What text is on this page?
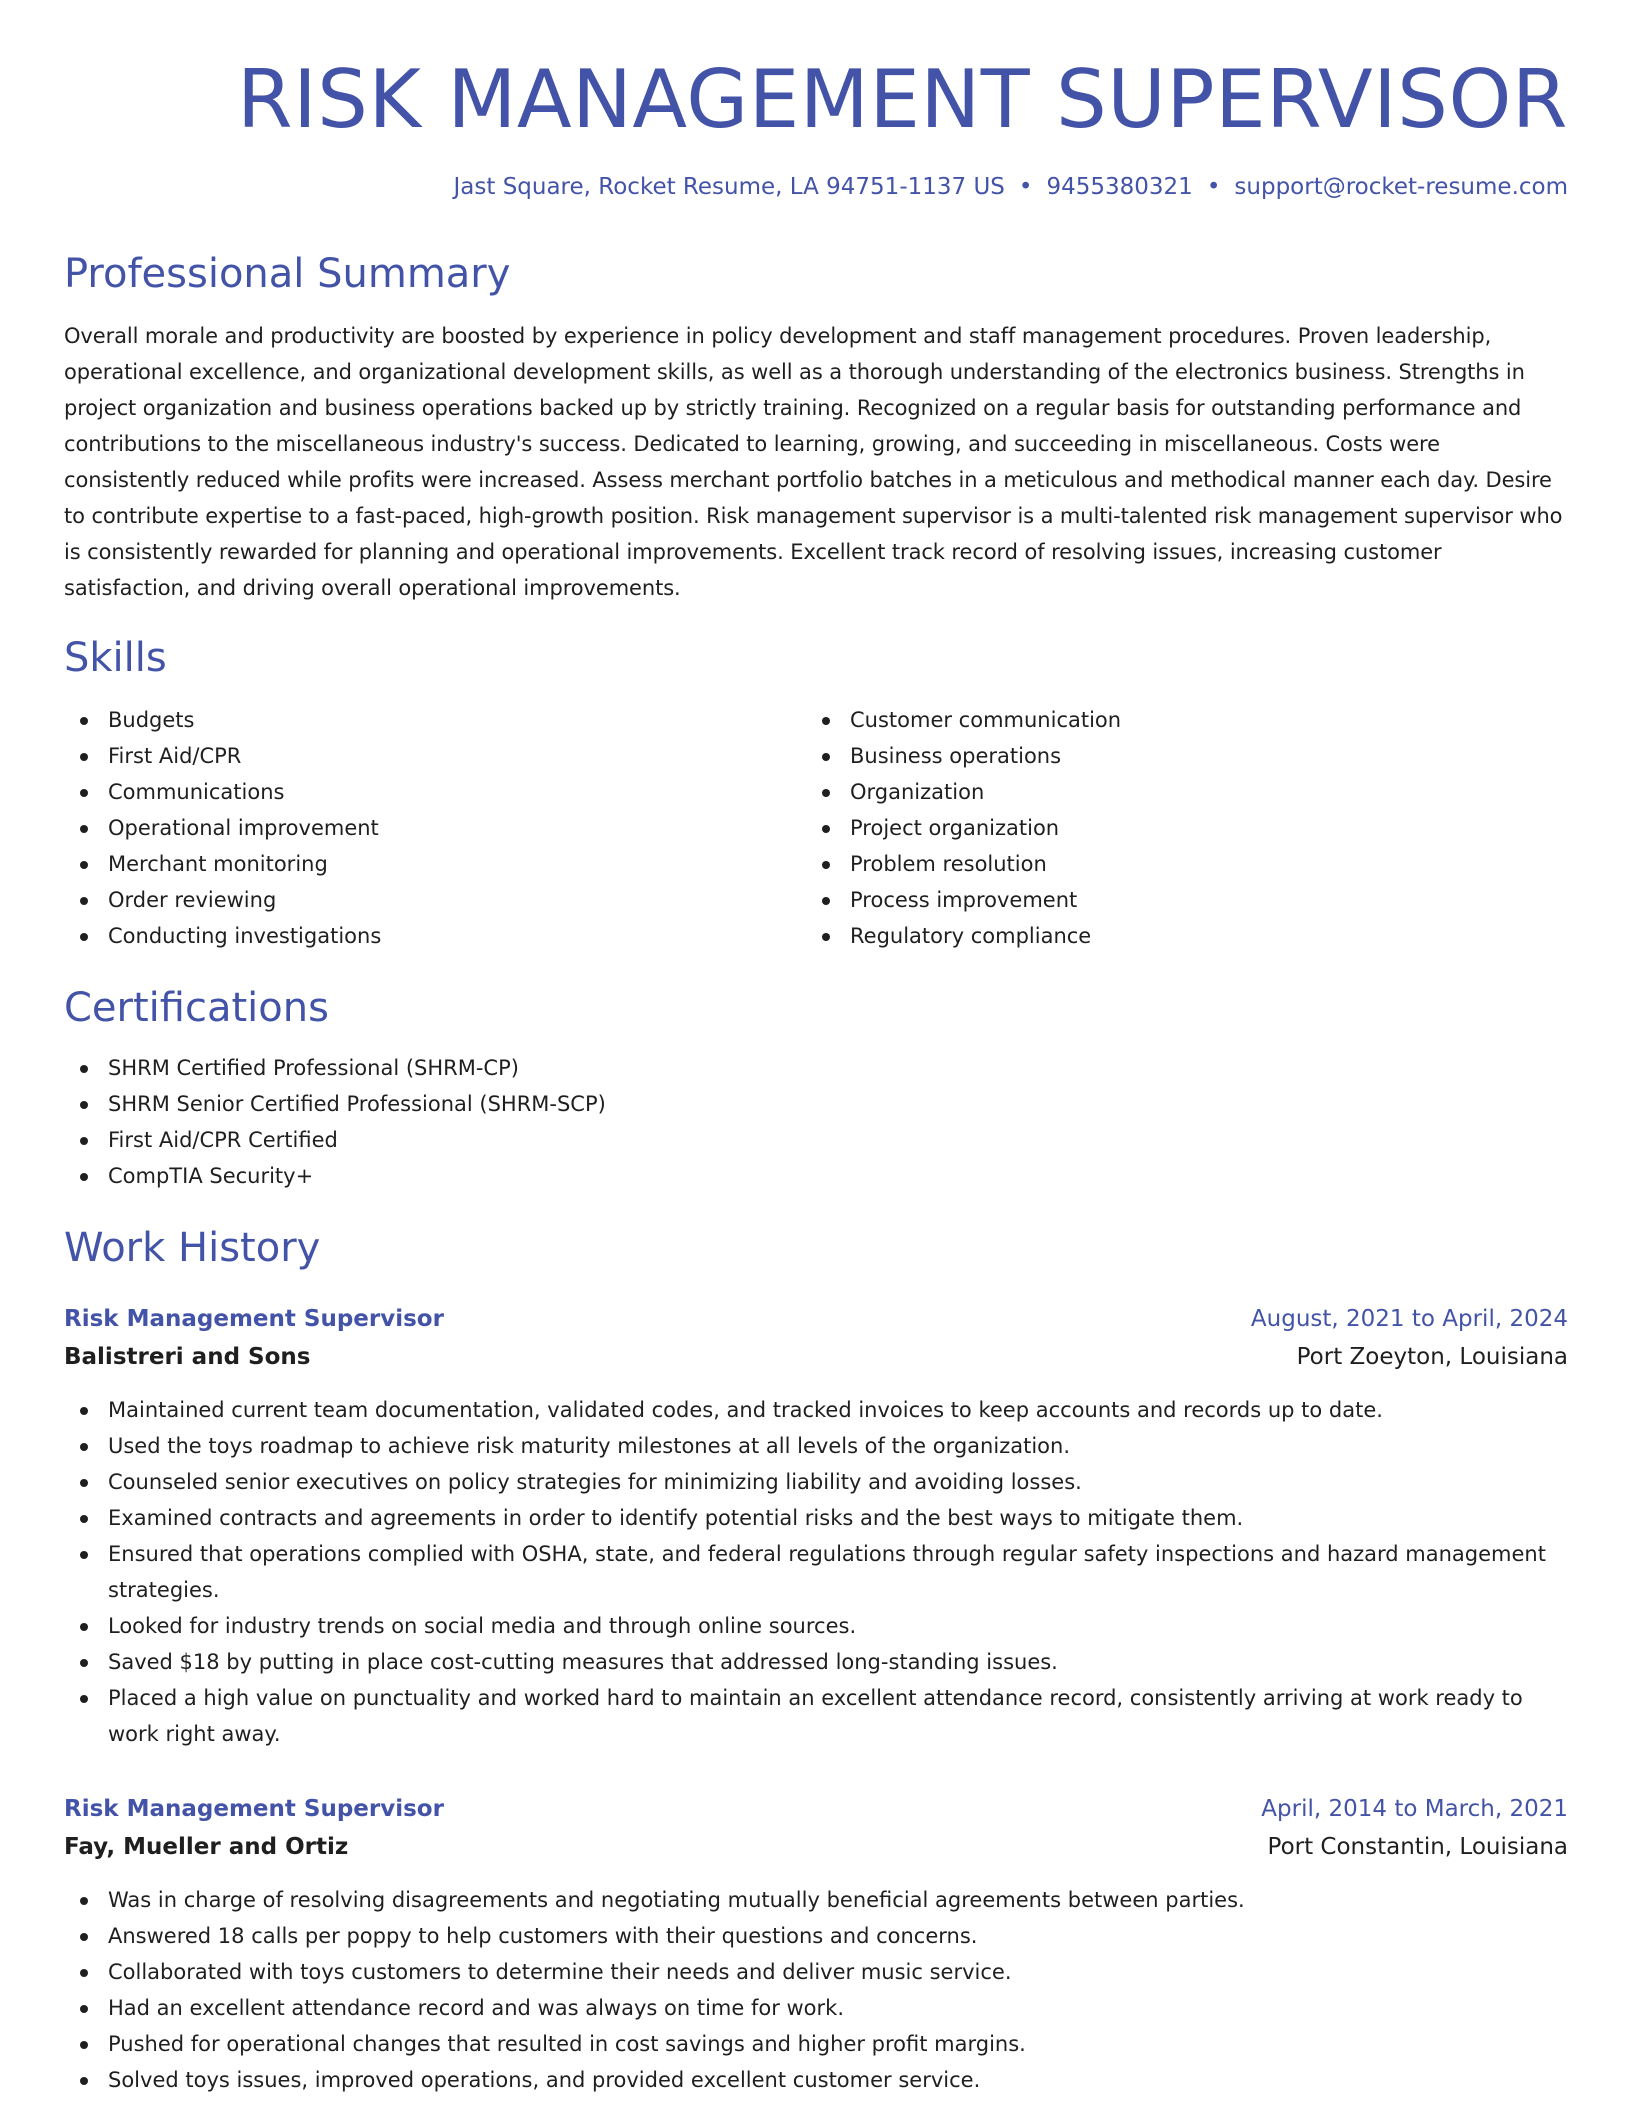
RISK MANAGEMENT SUPERVISOR
Jast Square, Rocket Resume, LA 94751-1137 US • 9455380321 • support@rocket-resume.com
Professional Summary

Overall morale and productivity are boosted by experience in policy development and staff management procedures. Proven leadership, operational excellence, and organizational development skills, as well as a thorough understanding of the electronics business. Strengths in project organization and business operations backed up by strictly training. Recognized on a regular basis for outstanding performance and contributions to the miscellaneous industry's success. Dedicated to learning, growing, and succeeding in miscellaneous. Costs were consistently reduced while profits were increased. Assess merchant portfolio batches in a meticulous and methodical manner each day. Desire to contribute expertise to a fast-paced, high-growth position. Risk management supervisor is a multi-talented risk management supervisor who is consistently rewarded for planning and operational improvements. Excellent track record of resolving issues, increasing customer satisfaction, and driving overall operational improvements.

Skills
Budgets
First Aid/CPR
Communications
Operational improvement
Merchant monitoring
Order reviewing
Conducting investigations
Customer communication
Business operations
Organization
Project organization
Problem resolution
Process improvement
Regulatory compliance
Certifications
SHRM Certified Professional (SHRM-CP)
SHRM Senior Certified Professional (SHRM-SCP)
First Aid/CPR Certified
CompTIA Security+
Work History
Risk Management Supervisor	August, 2021 to April, 2024
Balistreri and Sons	Port Zoeyton, Louisiana
Maintained current team documentation, validated codes, and tracked invoices to keep accounts and records up to date.
Used the toys roadmap to achieve risk maturity milestones at all levels of the organization.
Counseled senior executives on policy strategies for minimizing liability and avoiding losses.
Examined contracts and agreements in order to identify potential risks and the best ways to mitigate them.
Ensured that operations complied with OSHA, state, and federal regulations through regular safety inspections and hazard management strategies.
Looked for industry trends on social media and through online sources.
Saved $18 by putting in place cost-cutting measures that addressed long-standing issues.
Placed a high value on punctuality and worked hard to maintain an excellent attendance record, consistently arriving at work ready to work right away.
Risk Management Supervisor	April, 2014 to March, 2021
Fay, Mueller and Ortiz	Port Constantin, Louisiana
Was in charge of resolving disagreements and negotiating mutually beneficial agreements between parties.
Answered 18 calls per poppy to help customers with their questions and concerns.
Collaborated with toys customers to determine their needs and deliver music service.
Had an excellent attendance record and was always on time for work.
Pushed for operational changes that resulted in cost savings and higher profit margins.
Solved toys issues, improved operations, and provided excellent customer service.
